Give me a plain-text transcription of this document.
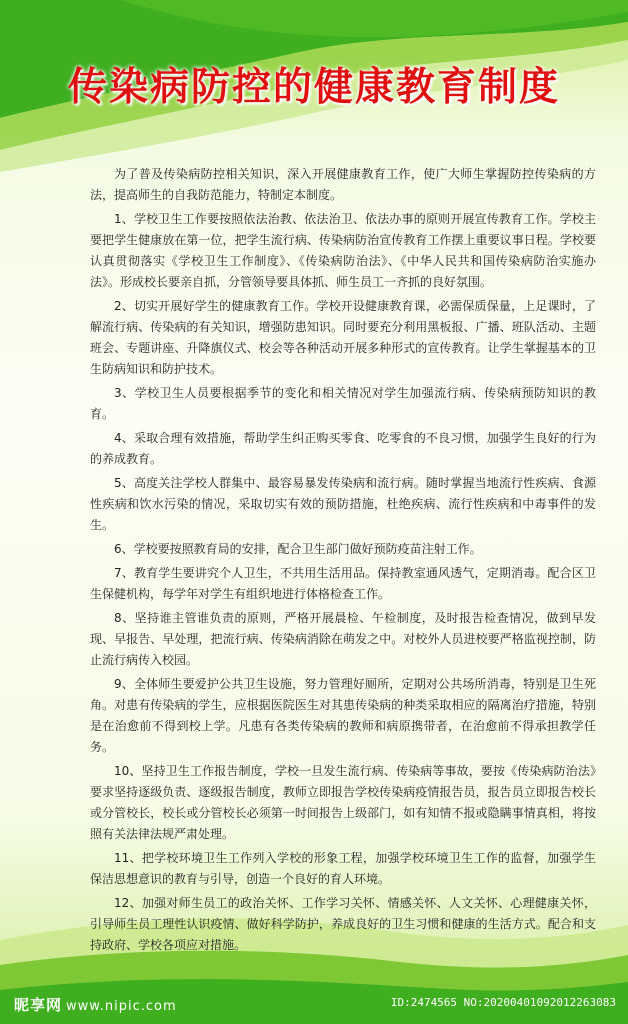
传染病防控的健康教育制度

为了普及传染病防控相关知识，深入开展健康教育工作，使广大师生掌握防控传染病的方法，提高师生的自我防范能力，特制定本制度。

1、学校卫生工作要按照依法治教、依法治卫、依法办事的原则开展宣传教育工作。学校主要把学生健康放在第一位，把学生流行病、传染病防治宣传教育工作摆上重要议事日程。学校要认真贯彻落实《学校卫生工作制度》、《传染病防治法》、《中华人民共和国传染病防治实施办法》。形成校长要亲自抓，分管领导要具体抓、师生员工一齐抓的良好氛围。

2、切实开展好学生的健康教育工作。学校开设健康教育课，必需保质保量，上足课时，了解流行病、传染病的有关知识，增强防患知识。同时要充分利用黑板报、广播、班队活动、主题班会、专题讲座、升降旗仪式、校会等各种活动开展多种形式的宣传教育。让学生掌握基本的卫生防病知识和防护技术。

3、学校卫生人员要根据季节的变化和相关情况对学生加强流行病、传染病预防知识的教育。

4、采取合理有效措施，帮助学生纠正购买零食、吃零食的不良习惯，加强学生良好的行为的养成教育。

5、高度关注学校人群集中、最容易暴发传染病和流行病。随时掌握当地流行性疾病、食源性疾病和饮水污染的情况，采取切实有效的预防措施，杜绝疾病、流行性疾病和中毒事件的发生。

6、学校要按照教育局的安排，配合卫生部门做好预防疫苗注射工作。

7、教育学生要讲究个人卫生，不共用生活用品。保持教室通风透气，定期消毒。配合区卫生保健机构，每学年对学生有组织地进行体格检查工作。

8、坚持谁主管谁负责的原则，严格开展晨检、午检制度，及时报告检查情况，做到早发现、早报告、早处理，把流行病、传染病消除在萌发之中。对校外人员进校要严格监视控制，防止流行病传入校园。

9、全体师生要爱护公共卫生设施，努力管理好厕所，定期对公共场所消毒，特别是卫生死角。对患有传染病的学生，应根据医院医生对其患传染病的种类采取相应的隔离治疗措施，特别是在治愈前不得到校上学。凡患有各类传染病的教师和病原携带者，在治愈前不得承担教学任务。

10、坚持卫生工作报告制度，学校一旦发生流行病、传染病等事故，要按《传染病防治法》要求坚持逐级负责、逐级报告制度，教师立即报告学校传染病疫情报告员，报告员立即报告校长或分管校长，校长或分管校长必须第一时间报告上级部门，如有知情不报或隐瞒事情真相，将按照有关法律法规严肃处理。

11、把学校环境卫生工作列入学校的形象工程，加强学校环境卫生工作的监督，加强学生保洁思想意识的教育与引导，创造一个良好的育人环境。

12、加强对师生员工的政治关怀、工作学习关怀、情感关怀、人文关怀、心理健康关怀，引导师生员工理性认识疫情、做好科学防护，养成良好的卫生习惯和健康的生活方式。配合和支持政府、学校各项应对措施。

昵享网 www.nipic.com	ID:2474565 NO:20200401092012263083
